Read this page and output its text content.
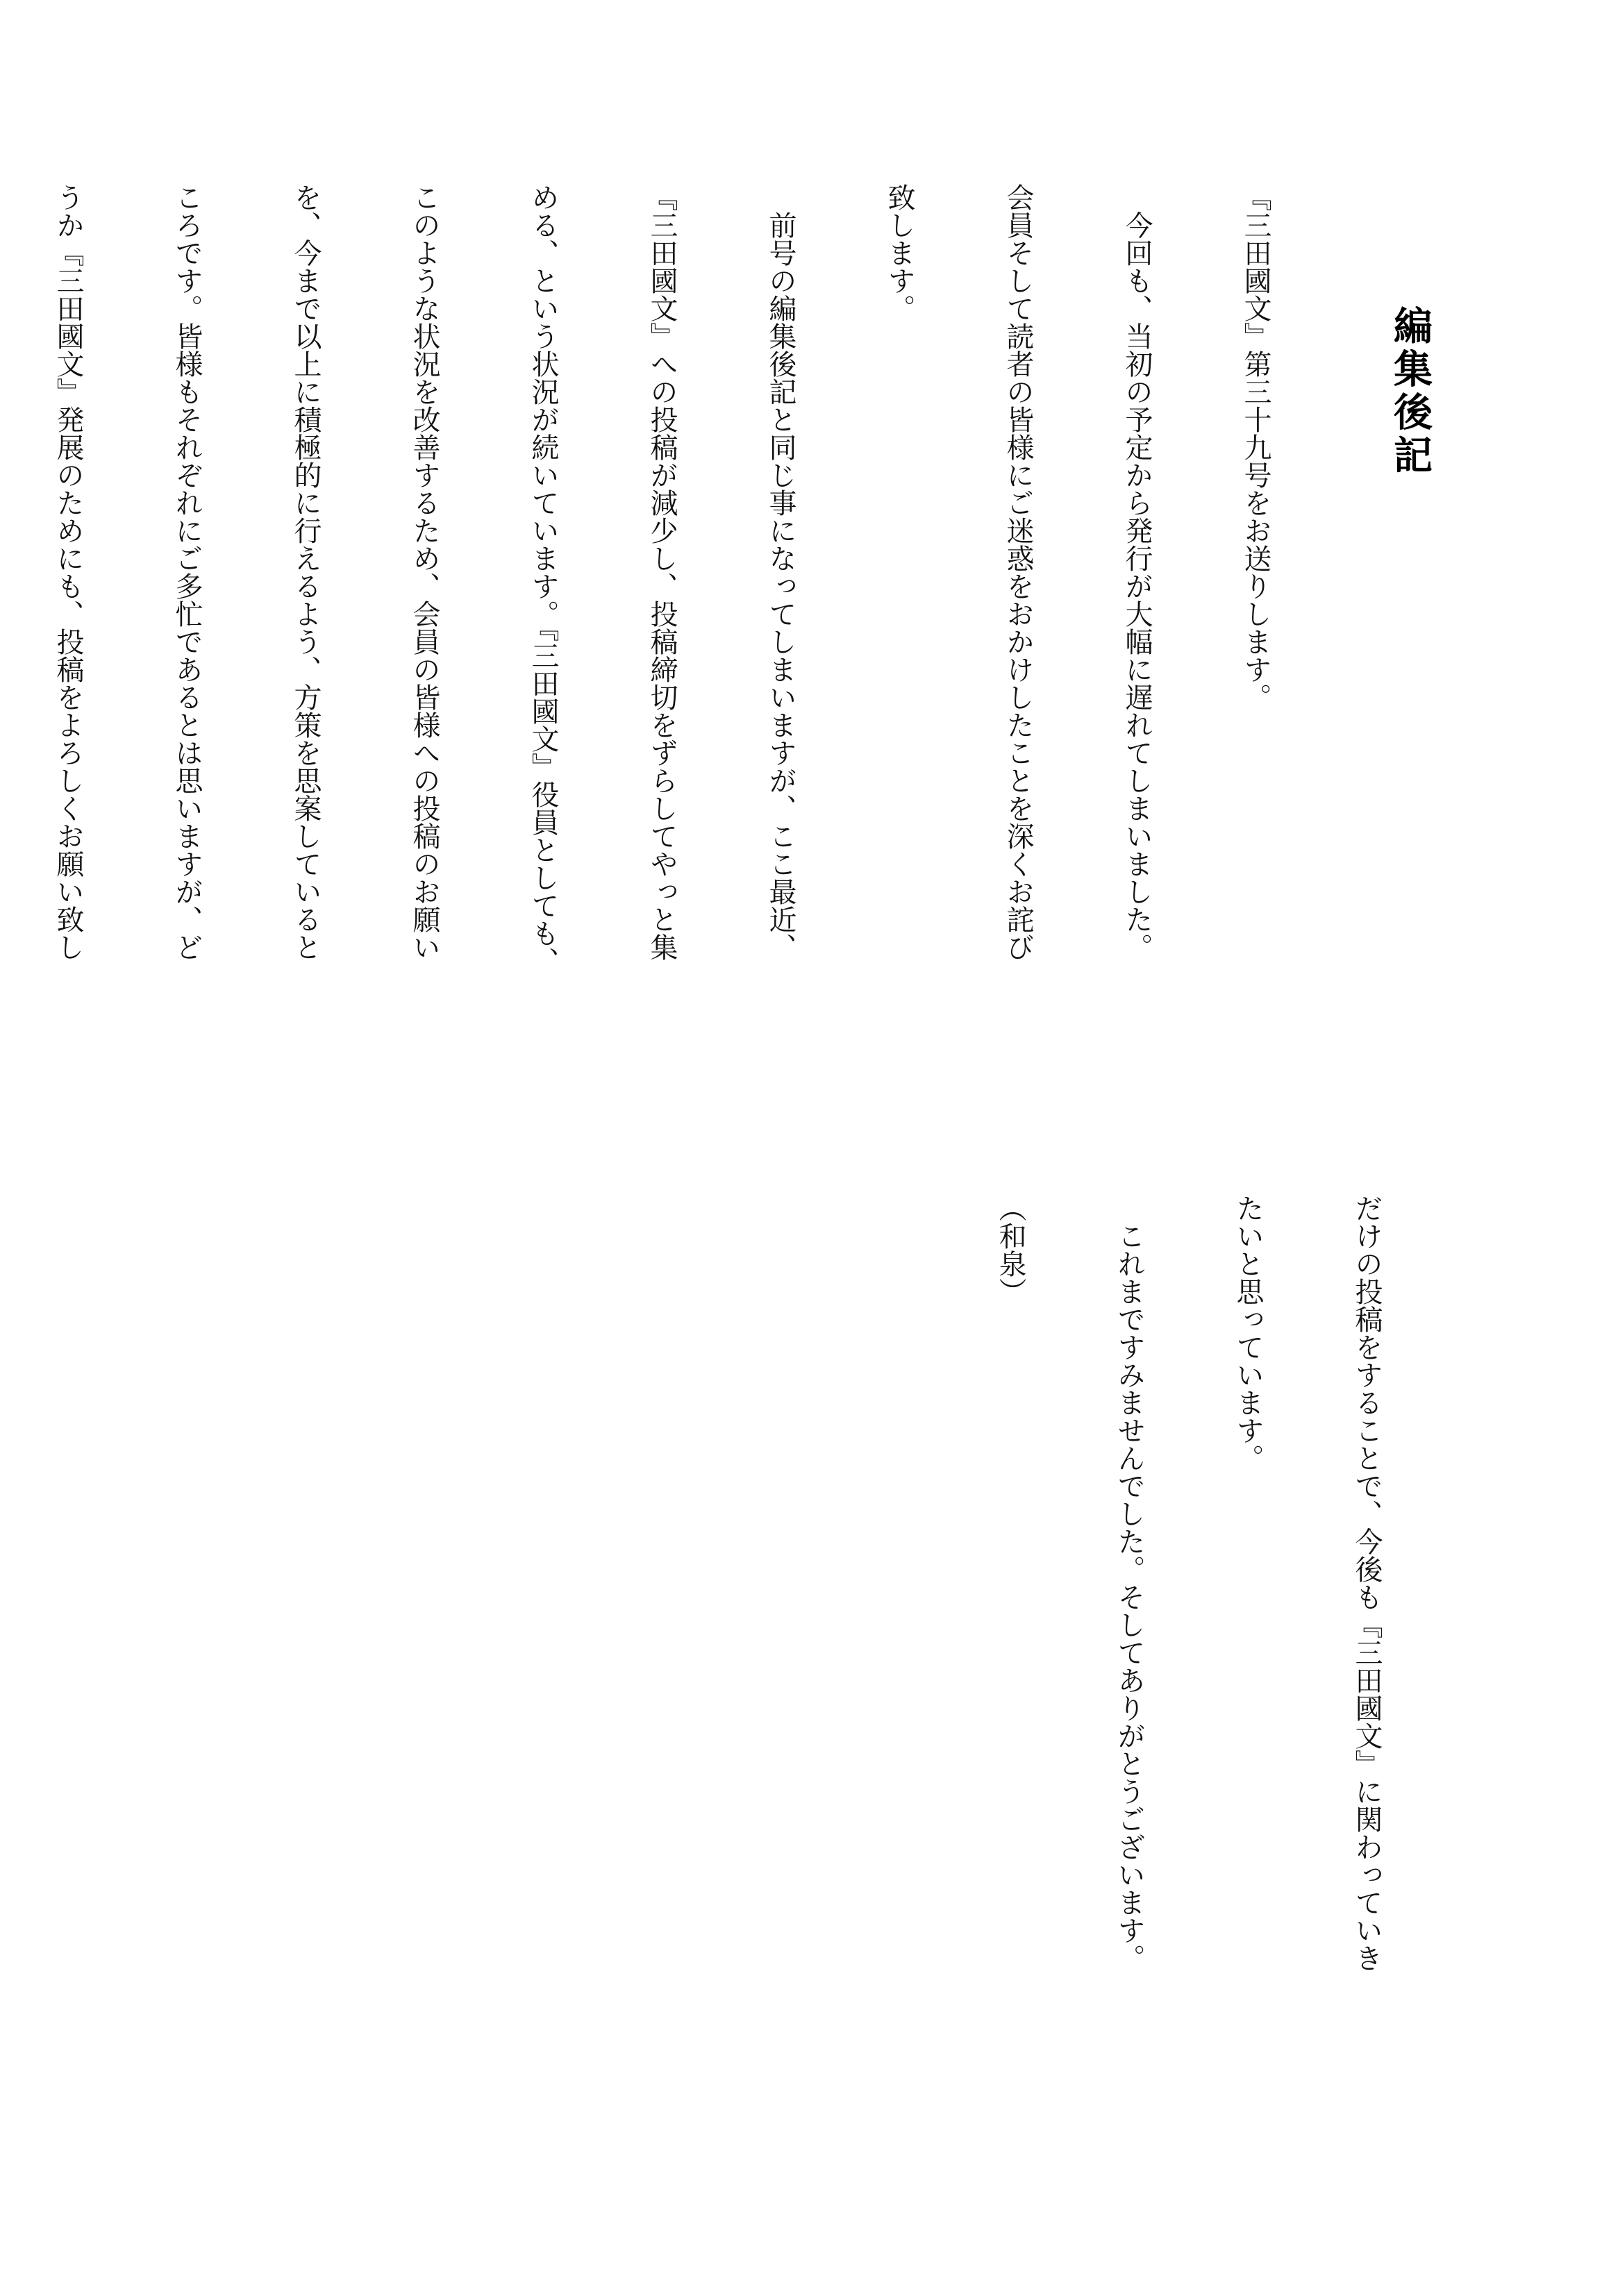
編集後記

『三田國文』第三十九号をお送りします。

　今回も、当初の予定から発行が大幅に遅れてしまいました。

会員そして読者の皆様にご迷惑をおかけしたことを深くお詫び

致します。

　前号の編集後記と同じ事になってしまいますが、ここ最近、

『三田國文』への投稿が減少し、投稿締切をずらしてやっと集

める、という状況が続いています。『三田國文』役員としても、

このような状況を改善するため、会員の皆様への投稿のお願い

を、今まで以上に積極的に行えるよう、方策を思案していると

ころです。皆様もそれぞれにご多忙であるとは思いますが、ど

うか『三田國文』発展のためにも、投稿をよろしくお願い致し

だけの投稿をすることで、今後も『三田國文』に関わっていき

たいと思っています。

　これまですみませんでした。そしてありがとうございます。

（和泉）
